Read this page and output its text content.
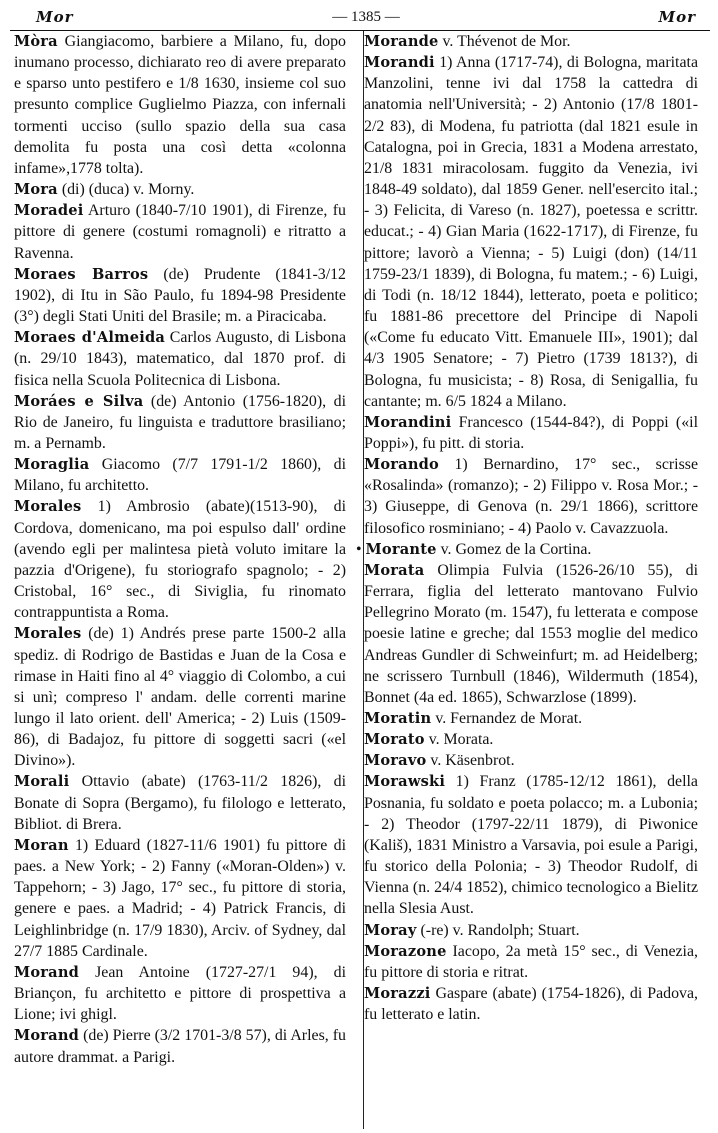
Mor	— 1385 —	Mor

Mòra Giangiacomo, barbiere a Milano, fu, dopo inumano processo, dichiarato reo di avere preparato e sparso unto pestifero e 1/8 1630, insieme col suo presunto complice Guglielmo Piazza, con infernali tormenti ucciso (sullo spazio della sua casa demolita fu posta una così detta «colonna infame»,1778 tolta).

Mora (di) (duca) v. Morny.

Moradei Arturo (1840-7/10 1901), di Firenze, fu pittore di genere (costumi romagnoli) e ritratto a Ravenna.

Moraes Barros (de) Prudente (1841-3/12 1902), di Itu in São Paulo, fu 1894-98 Presidente (3°) degli Stati Uniti del Brasile; m. a Piracicaba.

Moraes d'Almeida Carlos Augusto, di Lisbona (n. 29/10 1843), matematico, dal 1870 prof. di fisica nella Scuola Politecnica di Lisbona.

Moráes e Silva (de) Antonio (1756-1820), di Rio de Janeiro, fu linguista e traduttore brasiliano; m. a Pernamb.

Moraglia Giacomo (7/7 1791-1/2 1860), di Milano, fu architetto.

Morales 1) Ambrosio (abate)(1513-90), di Cordova, domenicano, ma poi espulso dall' ordine (avendo egli per malintesa pietà voluto imitare la pazzia d'Origene), fu storiografo spagnolo; - 2) Cristobal, 16° sec., di Siviglia, fu rinomato contrappuntista a Roma.

Morales (de) 1) Andrés prese parte 1500-2 alla spediz. di Rodrigo de Bastidas e Juan de la Cosa e rimase in Haiti fino al 4° viaggio di Colombo, a cui si unì; compreso l' andam. delle correnti marine lungo il lato orient. dell' America; - 2) Luis (1509-86), di Badajoz, fu pittore di soggetti sacri («el Divino»).

Morali Ottavio (abate) (1763-11/2 1826), di Bonate di Sopra (Bergamo), fu filologo e letterato, Bibliot. di Brera.

Moran 1) Eduard (1827-11/6 1901) fu pittore di paes. a New York; - 2) Fanny («Moran-Olden») v. Tappehorn; - 3) Jago, 17° sec., fu pittore di storia, genere e paes. a Madrid; - 4) Patrick Francis, di Leighlinbridge (n. 17/9 1830), Arciv. of Sydney, dal 27/7 1885 Cardinale.

Morand Jean Antoine (1727-27/1 94), di Briançon, fu architetto e pittore di prospettiva a Lione; ivi ghigl.

Morand (de) Pierre (3/2 1701-3/8 57), di Arles, fu autore drammat. a Parigi.

Morande v. Thévenot de Mor.

Morandi 1) Anna (1717-74), di Bologna, maritata Manzolini, tenne ivi dal 1758 la cattedra di anatomia nell'Università; - 2) Antonio (17/8 1801-2/2 83), di Modena, fu patriotta (dal 1821 esule in Catalogna, poi in Grecia, 1831 a Modena arrestato, 21/8 1831 miracolosam. fuggito da Venezia, ivi 1848-49 soldato), dal 1859 Gener. nell'esercito ital.; - 3) Felicita, di Vareso (n. 1827), poetessa e scrittr. educat.; - 4) Gian Maria (1622-1717), di Firenze, fu pittore; lavorò a Vienna; - 5) Luigi (don) (14/11 1759-23/1 1839), di Bologna, fu matem.; - 6) Luigi, di Todi (n. 18/12 1844), letterato, poeta e politico; fu 1881-86 precettore del Principe di Napoli («Come fu educato Vitt. Emanuele III», 1901); dal 4/3 1905 Senatore; - 7) Pietro (1739 1813?), di Bologna, fu musicista; - 8) Rosa, di Senigallia, fu cantante; m. 6/5 1824 a Milano.

Morandini Francesco (1544-84?), di Poppi («il Poppi»), fu pitt. di storia.

Morando 1) Bernardino, 17° sec., scrisse «Rosalinda» (romanzo); - 2) Filippo v. Rosa Mor.; - 3) Giuseppe, di Genova (n. 29/1 1866), scrittore filosofico rosminiano; - 4) Paolo v. Cavazzuola.

• Morante v. Gomez de la Cortina.

Morata Olimpia Fulvia (1526-26/10 55), di Ferrara, figlia del letterato mantovano Fulvio Pellegrino Morato (m. 1547), fu letterata e compose poesie latine e greche; dal 1553 moglie del medico Andreas Gundler di Schweinfurt; m. ad Heidelberg; ne scrissero Turnbull (1846), Wildermuth (1854), Bonnet (4a ed. 1865), Schwarzlose (1899).

Moratin v. Fernandez de Morat.

Morato v. Morata.

Moravo v. Käsenbrot.

Morawski 1) Franz (1785-12/12 1861), della Posnania, fu soldato e poeta polacco; m. a Lubonia; - 2) Theodor (1797-22/11 1879), di Piwonice (Kališ), 1831 Ministro a Varsavia, poi esule a Parigi, fu storico della Polonia; - 3) Theodor Rudolf, di Vienna (n. 24/4 1852), chimico tecnologico a Bielitz nella Slesia Aust.

Moray (-re) v. Randolph; Stuart.

Morazone Iacopo, 2a metà 15° sec., di Venezia, fu pittore di storia e ritrat.

Morazzi Gaspare (abate) (1754-1826), di Padova, fu letterato e latin.
